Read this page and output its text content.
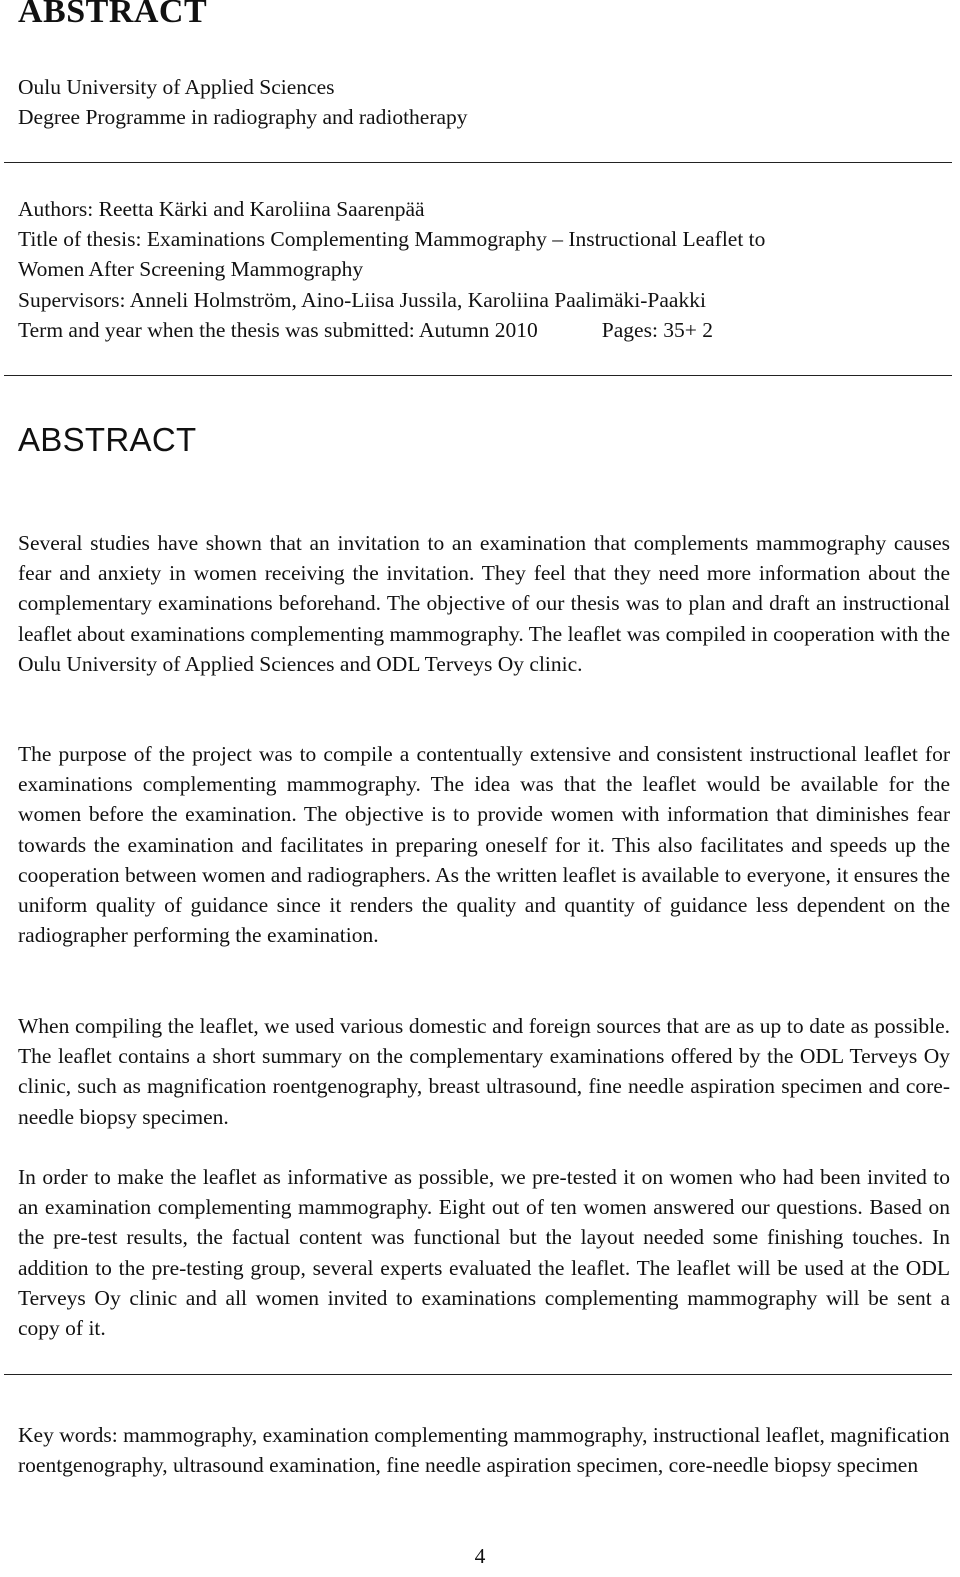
ABSTRACT
Oulu University of Applied Sciences
Degree Programme in radiography and radiotherapy
Authors: Reetta Kärki and Karoliina Saarenpää
Title of thesis: Examinations Complementing Mammography – Instructional Leaflet to
Women After Screening Mammography
Supervisors: Anneli Holmström, Aino-Liisa Jussila, Karoliina Paalimäki-Paakki
Term and year when the thesis was submitted: Autumn 2010	Pages: 35+ 2
ABSTRACT

Several studies have shown that an invitation to an examination that complements mammography causes fear and anxiety in women receiving the invitation. They feel that they need more information about the complementary examinations beforehand. The objective of our thesis was to plan and draft an instructional leaflet about examinations complementing mammography. The leaflet was compiled in cooperation with the Oulu University of Applied Sciences and ODL Terveys Oy clinic.

The purpose of the project was to compile a contentually extensive and consistent instructional leaflet for examinations complementing mammography. The idea was that the leaflet would be available for the women before the examination. The objective is to provide women with information that diminishes fear towards the examination and facilitates in preparing oneself for it. This also facilitates and speeds up the cooperation between women and radiographers. As the written leaflet is available to everyone, it ensures the uniform quality of guidance since it renders the quality and quantity of guidance less dependent on the radiographer performing the examination.

When compiling the leaflet, we used various domestic and foreign sources that are as up to date as possible. The leaflet contains a short summary on the complementary examinations offered by the ODL Terveys Oy clinic, such as magnification roentgenography, breast ultrasound, fine needle aspiration specimen and core-needle biopsy specimen.

In order to make the leaflet as informative as possible, we pre-tested it on women who had been invited to an examination complementing mammography. Eight out of ten women answered our questions. Based on the pre-test results, the factual content was functional but the layout needed some finishing touches. In addition to the pre-testing group, several experts evaluated the leaflet. The leaflet will be used at the ODL Terveys Oy clinic and all women invited to examinations complementing mammography will be sent a copy of it.

Key words: mammography, examination complementing mammography, instructional leaflet, magnification roentgenography, ultrasound examination, fine needle aspiration specimen, core-needle biopsy specimen

4
